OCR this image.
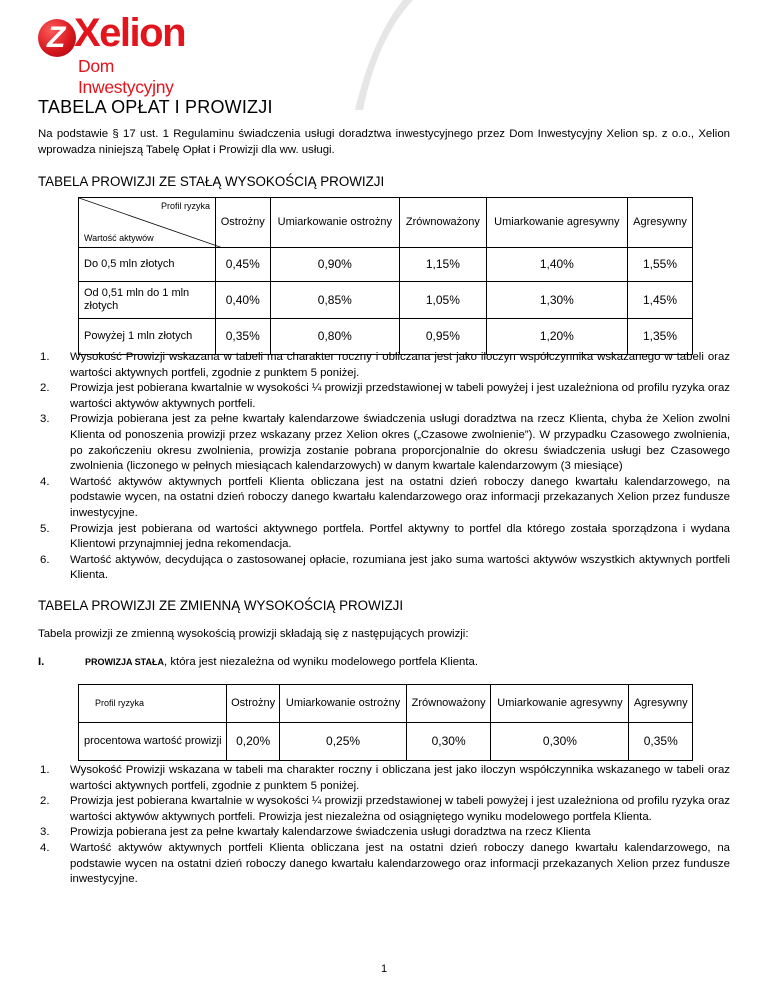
Z Xelion
Dom Inwestycyjny
TABELA OPŁAT I PROWIZJI
Na podstawie § 17 ust. 1 Regulaminu świadczenia usługi doradztwa inwestycyjnego przez Dom Inwestycyjny Xelion sp. z o.o., Xelion wprowadza niniejszą Tabelę Opłat i Prowizji dla ww. usługi.
TABELA PROWIZJI ZE STAŁĄ WYSOKOŚCIĄ PROWIZJI
Profil ryzyka
Wartość aktywów	Ostrożny	Umiarkowanie ostrożny	Zrównoważony	Umiarkowanie agresywny	Agresywny
Do 0,5 mln złotych	0,45%	0,90%	1,15%	1,40%	1,55%
Od 0,51 mln do 1 mln złotych	0,40%	0,85%	1,05%	1,30%	1,45%
Powyżej 1 mln złotych	0,35%	0,80%	0,95%	1,20%	1,35%
1. Wysokość Prowizji wskazana w tabeli ma charakter roczny i obliczana jest jako iloczyn współczynnika wskazanego w tabeli oraz wartości aktywnych portfeli, zgodnie z punktem 5 poniżej.
2. Prowizja jest pobierana kwartalnie w wysokości ¼ prowizji przedstawionej w tabeli powyżej i jest uzależniona od profilu ryzyka oraz wartości aktywów aktywnych portfeli.
3. Prowizja pobierana jest za pełne kwartały kalendarzowe świadczenia usługi doradztwa na rzecz Klienta, chyba że Xelion zwolni Klienta od ponoszenia prowizji przez wskazany przez Xelion okres („Czasowe zwolnienie”). W przypadku Czasowego zwolnienia, po zakończeniu okresu zwolnienia, prowizja zostanie pobrana proporcjonalnie do okresu świadczenia usługi bez Czasowego zwolnienia (liczonego w pełnych miesiącach kalendarzowych) w danym kwartale kalendarzowym (3 miesiące)
4. Wartość aktywów aktywnych portfeli Klienta obliczana jest na ostatni dzień roboczy danego kwartału kalendarzowego, na podstawie wycen, na ostatni dzień roboczy danego kwartału kalendarzowego oraz informacji przekazanych Xelion przez fundusze inwestycyjne.
5. Prowizja jest pobierana od wartości aktywnego portfela. Portfel aktywny to portfel dla którego została sporządzona i wydana Klientowi przynajmniej jedna rekomendacja.
6. Wartość aktywów, decydująca o zastosowanej opłacie, rozumiana jest jako suma wartości aktywów wszystkich aktywnych portfeli Klienta.
TABELA PROWIZJI ZE ZMIENNĄ WYSOKOŚCIĄ PROWIZJI
Tabela prowizji ze zmienną wysokością prowizji składają się z następujących prowizji:
I.	PROWIZJA STAŁA, która jest niezależna od wyniku modelowego portfela Klienta.
Profil ryzyka	Ostrożny	Umiarkowanie ostrożny	Zrównoważony	Umiarkowanie agresywny	Agresywny
procentowa wartość prowizji	0,20%	0,25%	0,30%	0,30%	0,35%
1. Wysokość Prowizji wskazana w tabeli ma charakter roczny i obliczana jest jako iloczyn współczynnika wskazanego w tabeli oraz wartości aktywnych portfeli, zgodnie z punktem 5 poniżej.
2. Prowizja jest pobierana kwartalnie w wysokości ¼ prowizji przedstawionej w tabeli powyżej i jest uzależniona od profilu ryzyka oraz wartości aktywów aktywnych portfeli. Prowizja jest niezależna od osiągniętego wyniku modelowego portfela Klienta.
3. Prowizja pobierana jest za pełne kwartały kalendarzowe świadczenia usługi doradztwa na rzecz Klienta
4. Wartość aktywów aktywnych portfeli Klienta obliczana jest na ostatni dzień roboczy danego kwartału kalendarzowego, na podstawie wycen na ostatni dzień roboczy danego kwartału kalendarzowego oraz informacji przekazanych Xelion przez fundusze inwestycyjne.
1
